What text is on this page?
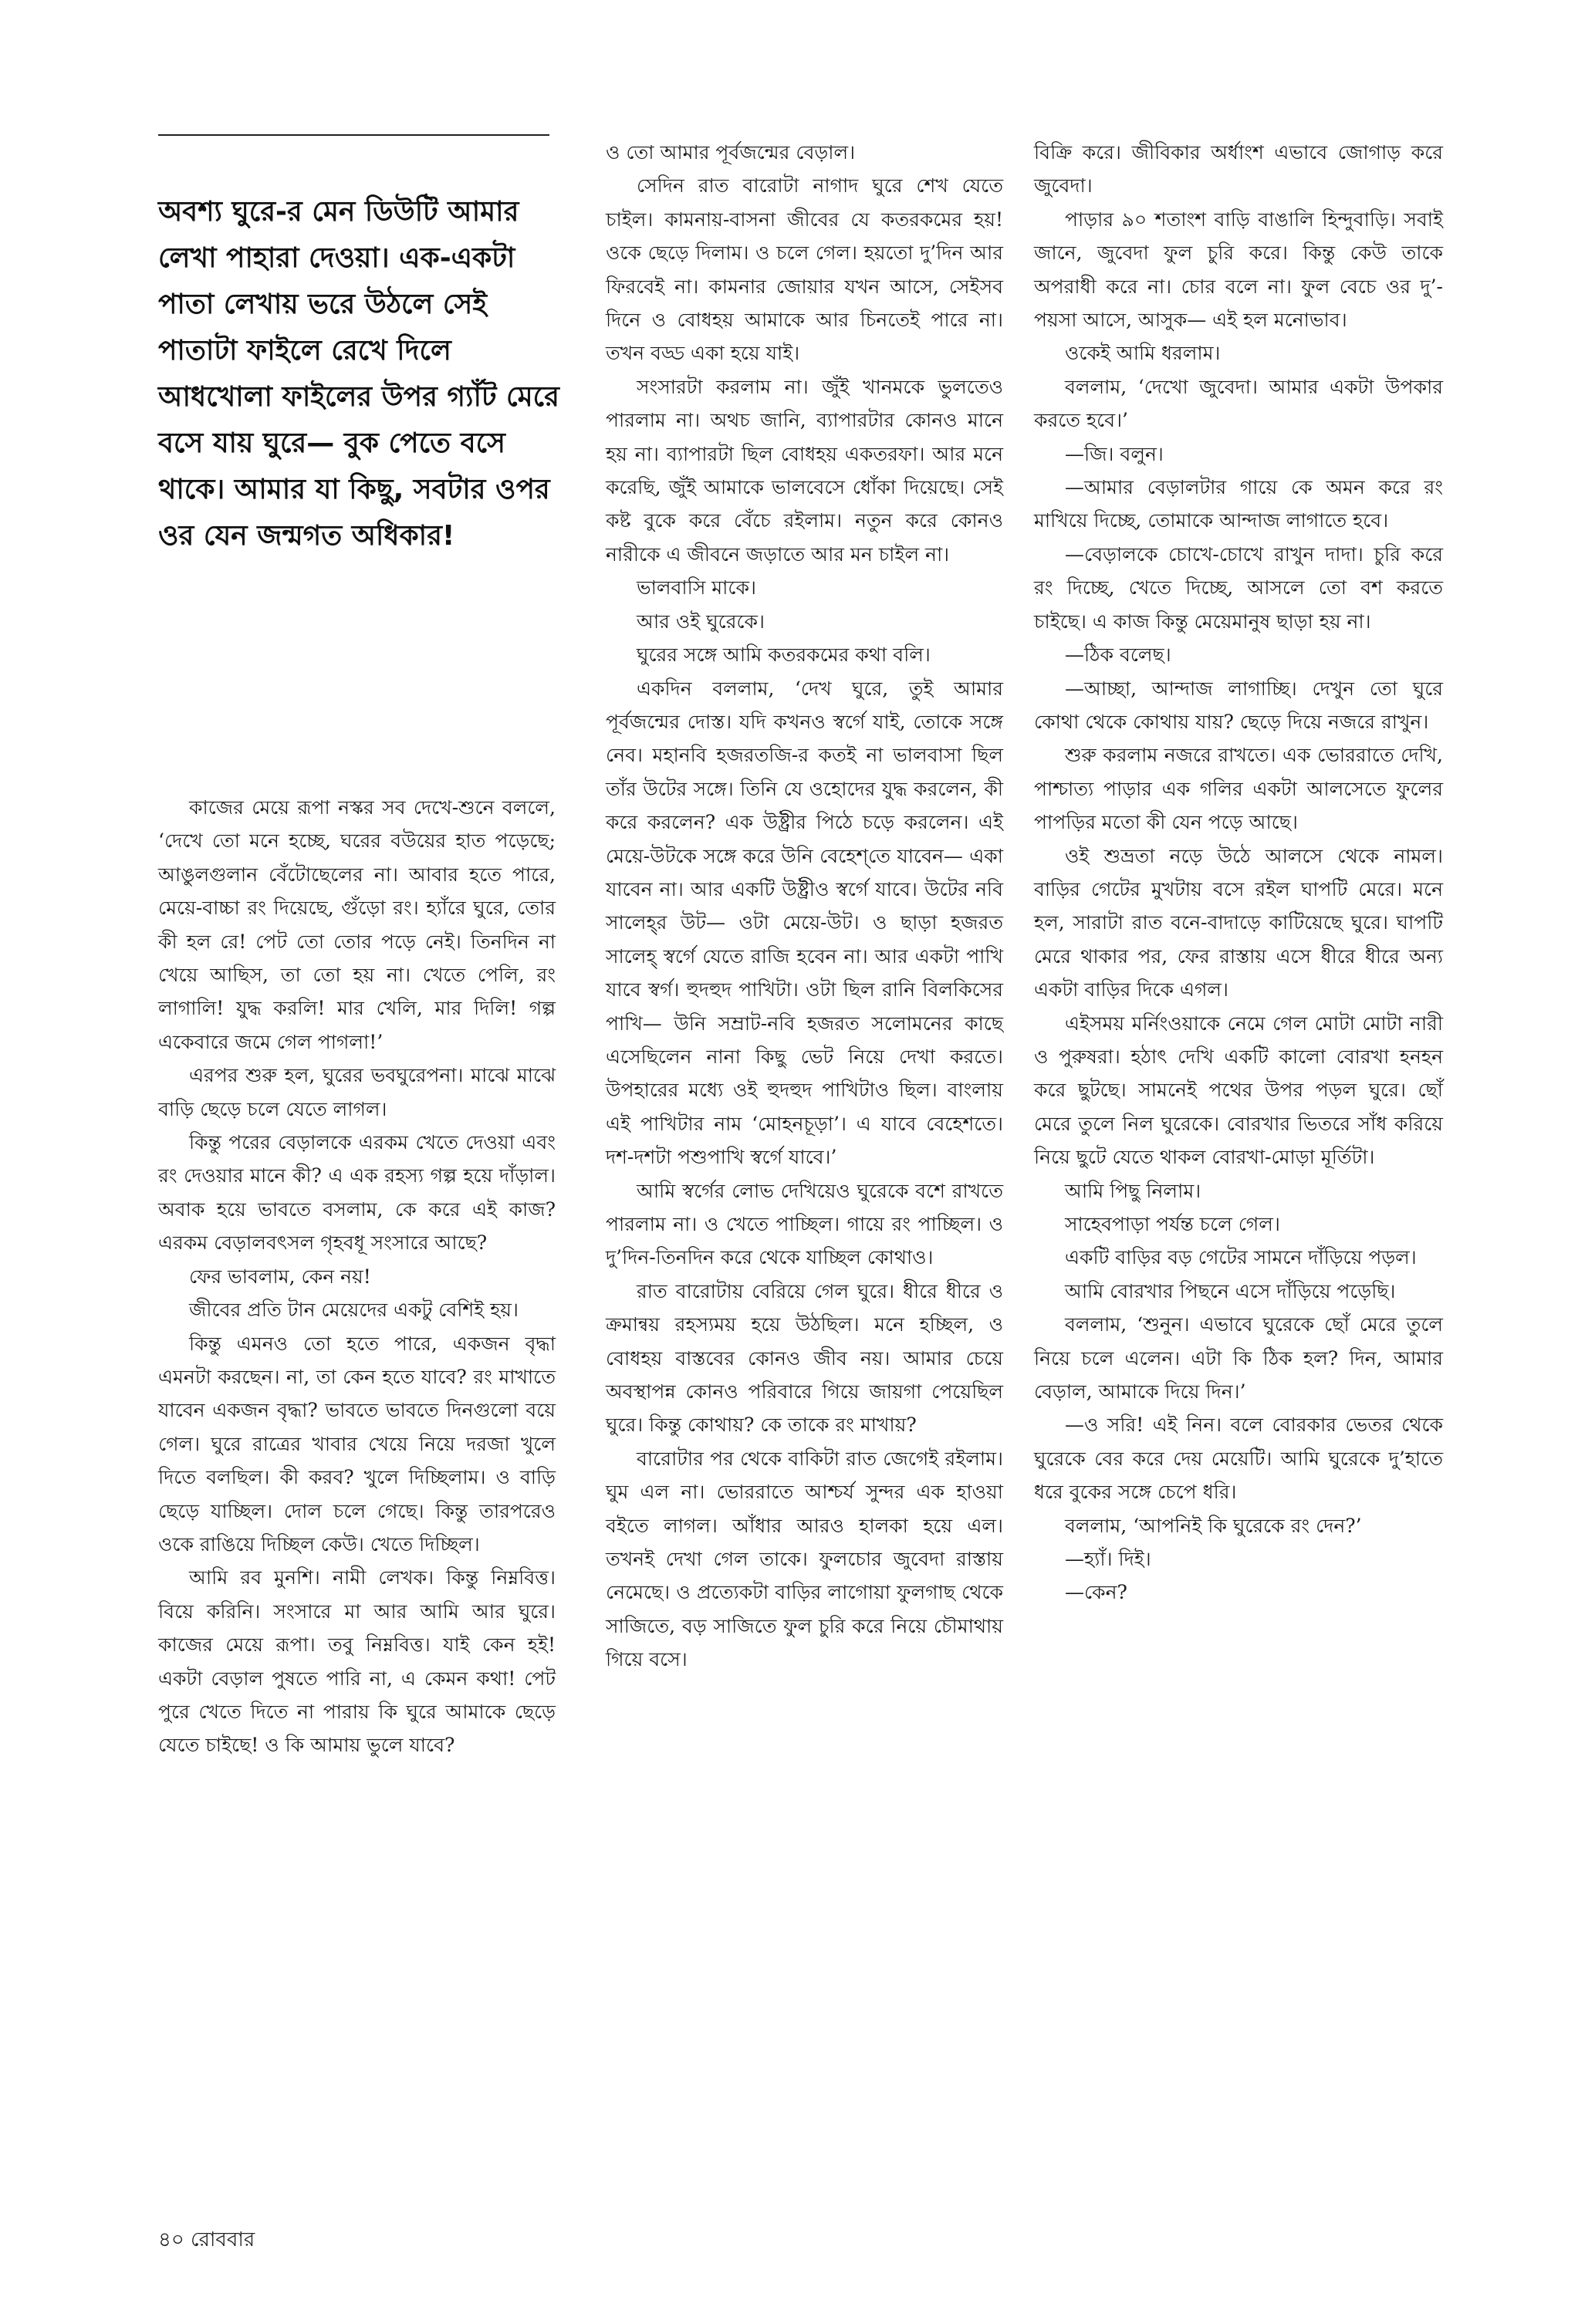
অবশ্য ঘুরে-র মেন ডিউটি আমার লেখা পাহারা দেওয়া। এক-একটা পাতা লেখায় ভরে উঠলে সেই পাতাটা ফাইলে রেখে দিলে আধখোলা ফাইলের উপর গ্যাঁট মেরে বসে যায় ঘুরে— বুক পেতে বসে থাকে। আমার যা কিছু, সবটার ওপর ওর যেন জন্মগত অধিকার!

কাজের মেয়ে রূপা নস্কর সব দেখে-শুনে বললে, ‘দেখে তো মনে হচ্ছে, ঘরের বউয়ের হাত পড়েছে; আঙুলগুলান বেঁটোছেলের না। আবার হতে পারে, মেয়ে-বাচ্চা রং দিয়েছে, গুঁড়ো রং। হ্যাঁরে ঘুরে, তোর কী হল রে! পেট তো তোর পড়ে নেই। তিনদিন না খেয়ে আছিস, তা তো হয় না। খেতে পেলি, রং লাগালি! যুদ্ধ করলি! মার খেলি, মার দিলি! গল্প একেবারে জমে গেল পাগলা!’

এরপর শুরু হল, ঘুরের ভবঘুরেপনা। মাঝে মাঝে বাড়ি ছেড়ে চলে যেতে লাগল।

কিন্তু পরের বেড়ালকে এরকম খেতে দেওয়া এবং রং দেওয়ার মানে কী? এ এক রহস্য গল্প হয়ে দাঁড়াল। অবাক হয়ে ভাবতে বসলাম, কে করে এই কাজ? এরকম বেড়ালবৎসল গৃহবধূ সংসারে আছে?

ফের ভাবলাম, কেন নয়!

জীবের প্রতি টান মেয়েদের একটু বেশিই হয়।

কিন্তু এমনও তো হতে পারে, একজন বৃদ্ধা এমনটা করছেন। না, তা কেন হতে যাবে? রং মাখাতে যাবেন একজন বৃদ্ধা? ভাবতে ভাবতে দিনগুলো বয়ে গেল। ঘুরে রাত্রের খাবার খেয়ে নিয়ে দরজা খুলে দিতে বলছিল। কী করব? খুলে দিচ্ছিলাম। ও বাড়ি ছেড়ে যাচ্ছিল। দোল চলে গেছে। কিন্তু তারপরেও ওকে রাঙিয়ে দিচ্ছিল কেউ। খেতে দিচ্ছিল।

আমি রব মুনশি। নামী লেখক। কিন্তু নিম্নবিত্ত। বিয়ে করিনি। সংসারে মা আর আমি আর ঘুরে। কাজের মেয়ে রূপা। তবু নিম্নবিত্ত। যাই কেন হই! একটা বেড়াল পুষতে পারি না, এ কেমন কথা! পেট পুরে খেতে দিতে না পারায় কি ঘুরে আমাকে ছেড়ে যেতে চাইছে! ও কি আমায় ভুলে যাবে?

ও তো আমার পূর্বজন্মের বেড়াল।

সেদিন রাত বারোটা নাগাদ ঘুরে শেখ যেতে চাইল। কামনায়-বাসনা জীবের যে কতরকমের হয়! ওকে ছেড়ে দিলাম। ও চলে গেল। হয়তো দু’দিন আর ফিরবেই না। কামনার জোয়ার যখন আসে, সেইসব দিনে ও বোধহয় আমাকে আর চিনতেই পারে না। তখন বড্ড একা হয়ে যাই।

সংসারটা করলাম না। জুঁই খানমকে ভুলতেও পারলাম না। অথচ জানি, ব্যাপারটার কোনও মানে হয় না। ব্যাপারটা ছিল বোধহয় একতরফা। আর মনে করেছি, জুঁই আমাকে ভালবেসে ধোঁকা দিয়েছে। সেই কষ্ট বুকে করে বেঁচে রইলাম। নতুন করে কোনও নারীকে এ জীবনে জড়াতে আর মন চাইল না।

ভালবাসি মাকে।

আর ওই ঘুরেকে।

ঘুরের সঙ্গে আমি কতরকমের কথা বলি।

একদিন বললাম, ‘দেখ ঘুরে, তুই আমার পূর্বজন্মের দোস্ত। যদি কখনও স্বর্গে যাই, তোকে সঙ্গে নেব। মহানবি হজরতজি-র কতই না ভালবাসা ছিল তাঁর উটের সঙ্গে। তিনি যে ওহোদের যুদ্ধ করলেন, কী করে করলেন? এক উষ্ট্রীর পিঠে চড়ে করলেন। এই মেয়ে-উটকে সঙ্গে করে উনি বেহেশ্‌তে যাবেন— একা যাবেন না। আর একটি উষ্ট্রীও স্বর্গে যাবে। উটের নবি সালেহ্‌র উট— ওটা মেয়ে-উট। ও ছাড়া হজরত সালেহ্‌ স্বর্গে যেতে রাজি হবেন না। আর একটা পাখি যাবে স্বর্গ। হুদহুদ পাখিটা। ওটা ছিল রানি বিলকিসের পাখি— উনি সম্রাট-নবি হজরত সলোমনের কাছে এসেছিলেন নানা কিছু ভেট নিয়ে দেখা করতে। উপহারের মধ্যে ওই হুদহুদ পাখিটাও ছিল। বাংলায় এই পাখিটার নাম ‘মোহনচূড়া’। এ যাবে বেহেশতে। দশ-দশটা পশুপাখি স্বর্গে যাবে।’

আমি স্বর্গের লোভ দেখিয়েও ঘুরেকে বশে রাখতে পারলাম না। ও খেতে পাচ্ছিল। গায়ে রং পাচ্ছিল। ও দু’দিন-তিনদিন করে থেকে যাচ্ছিল কোথাও।

রাত বারোটায় বেরিয়ে গেল ঘুরে। ধীরে ধীরে ও ক্রমান্বয় রহস্যময় হয়ে উঠছিল। মনে হচ্ছিল, ও বোধহয় বাস্তবের কোনও জীব নয়। আমার চেয়ে অবস্থাপন্ন কোনও পরিবারে গিয়ে জায়গা পেয়েছিল ঘুরে। কিন্তু কোথায়? কে তাকে রং মাখায়?

বারোটার পর থেকে বাকিটা রাত জেগেই রইলাম। ঘুম এল না। ভোররাতে আশ্চর্য সুন্দর এক হাওয়া বইতে লাগল। আঁধার আরও হালকা হয়ে এল। তখনই দেখা গেল তাকে। ফুলচোর জুবেদা রাস্তায় নেমেছে। ও প্রত্যেকটা বাড়ির লাগোয়া ফুলগাছ থেকে সাজিতে, বড় সাজিতে ফুল চুরি করে নিয়ে চৌমাথায় গিয়ে বসে।

বিক্রি করে। জীবিকার অর্ধাংশ এভাবে জোগাড় করে জুবেদা।

পাড়ার ৯০ শতাংশ বাড়ি বাঙালি হিন্দুবাড়ি। সবাই জানে, জুবেদা ফুল চুরি করে। কিন্তু কেউ তাকে অপরাধী করে না। চোর বলে না। ফুল বেচে ওর দু’-পয়সা আসে, আসুক— এই হল মনোভাব।

ওকেই আমি ধরলাম।

বললাম, ‘দেখো জুবেদা। আমার একটা উপকার করতে হবে।’

—জি। বলুন।

—আমার বেড়ালটার গায়ে কে অমন করে রং মাখিয়ে দিচ্ছে, তোমাকে আন্দাজ লাগাতে হবে।

—বেড়ালকে চোখে-চোখে রাখুন দাদা। চুরি করে রং দিচ্ছে, খেতে দিচ্ছে, আসলে তো বশ করতে চাইছে। এ কাজ কিন্তু মেয়েমানুষ ছাড়া হয় না।

—ঠিক বলেছ।

—আচ্ছা, আন্দাজ লাগাচ্ছি। দেখুন তো ঘুরে কোথা থেকে কোথায় যায়? ছেড়ে দিয়ে নজরে রাখুন।

শুরু করলাম নজরে রাখতে। এক ভোররাতে দেখি, পাশ্চাত্য পাড়ার এক গলির একটা আলসেতে ফুলের পাপড়ির মতো কী যেন পড়ে আছে।

ওই শুভ্রতা নড়ে উঠে আলসে থেকে নামল। বাড়ির গেটের মুখটায় বসে রইল ঘাপটি মেরে। মনে হল, সারাটা রাত বনে-বাদাড়ে কাটিয়েছে ঘুরে। ঘাপটি মেরে থাকার পর, ফের রাস্তায় এসে ধীরে ধীরে অন্য একটা বাড়ির দিকে এগল।

এইসময় মর্নিংওয়াকে নেমে গেল মোটা মোটা নারী ও পুরুষরা। হঠাৎ দেখি একটি কালো বোরখা হনহন করে ছুটছে। সামনেই পথের উপর পড়ল ঘুরে। ছোঁ মেরে তুলে নিল ঘুরেকে। বোরখার ভিতরে সাঁধ করিয়ে নিয়ে ছুটে যেতে থাকল বোরখা-মোড়া মূর্তিটা।

আমি পিছু নিলাম।

সাহেবপাড়া পর্যন্ত চলে গেল।

একটি বাড়ির বড় গেটের সামনে দাঁড়িয়ে পড়ল।

আমি বোরখার পিছনে এসে দাঁড়িয়ে পড়েছি।

বললাম, ‘শুনুন। এভাবে ঘুরেকে ছোঁ মেরে তুলে নিয়ে চলে এলেন। এটা কি ঠিক হল? দিন, আমার বেড়াল, আমাকে দিয়ে দিন।’

—ও সরি! এই নিন। বলে বোরকার ভেতর থেকে ঘুরেকে বের করে দেয় মেয়েটি। আমি ঘুরেকে দু’হাতে ধরে বুকের সঙ্গে চেপে ধরি।

বললাম, ‘আপনিই কি ঘুরেকে রং দেন?’

—হ্যাঁ। দিই।

—কেন?

৪০ রোববার
